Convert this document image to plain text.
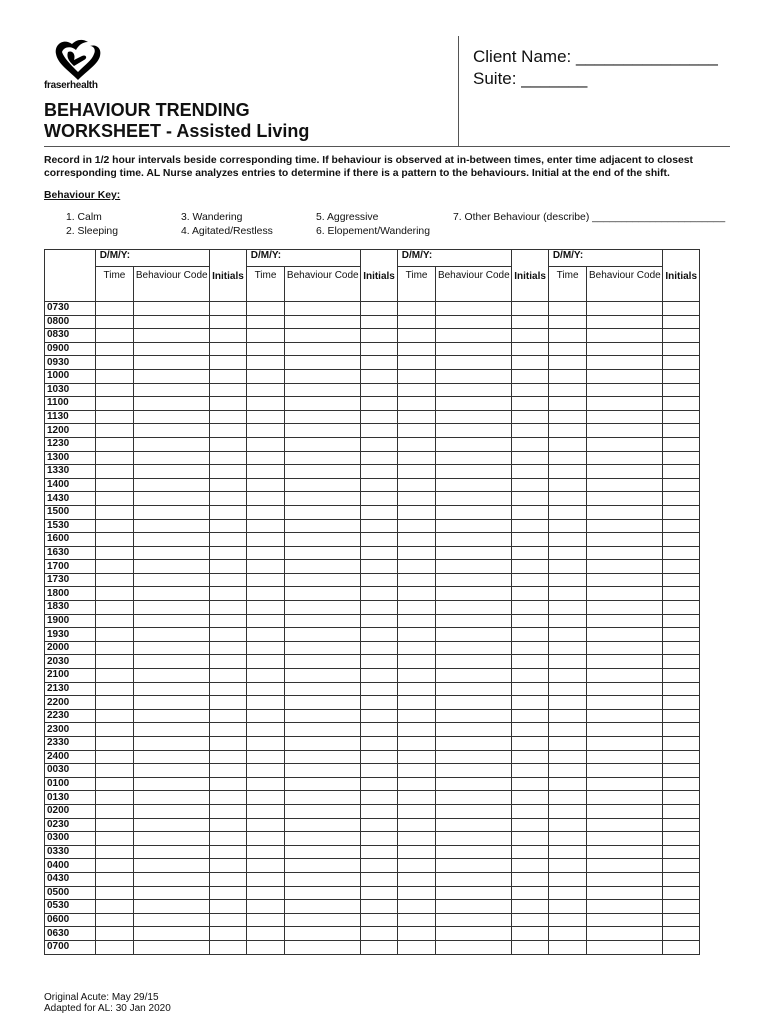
fraserhealth
BEHAVIOUR TRENDING
WORKSHEET - Assisted Living
Client Name: _______________
Suite: _______
Record in 1/2 hour intervals beside corresponding time. If behaviour is observed at in-between times, enter time adjacent to closest corresponding time. AL Nurse analyzes entries to determine if there is a pattern to the behaviours. Initial at the end of the shift.
Behaviour Key:
1. Calm
2. Sleeping
3. Wandering
4. Agitated/Restless
5. Aggressive
6. Elopement/Wandering
7. Other Behaviour (describe) _______________________
	D/M/Y:		Initials	D/M/Y:		Initials	D/M/Y:		Initials	D/M/Y:		Initials
	Time	Behaviour Code		Time	Behaviour Code		Time	Behaviour Code		Time	Behaviour Code	
0730												
0800												
0830												
0900												
0930												
1000												
1030												
1100												
1130												
1200												
1230												
1300												
1330												
1400												
1430												
1500												
1530												
1600												
1630												
1700												
1730												
1800												
1830												
1900												
1930												
2000												
2030												
2100												
2130												
2200												
2230												
2300												
2330												
2400												
0030												
0100												
0130												
0200												
0230												
0300												
0330												
0400												
0430												
0500												
0530												
0600												
0630												
0700												
Original Acute: May 29/15
Adapted for AL: 30 Jan 2020
